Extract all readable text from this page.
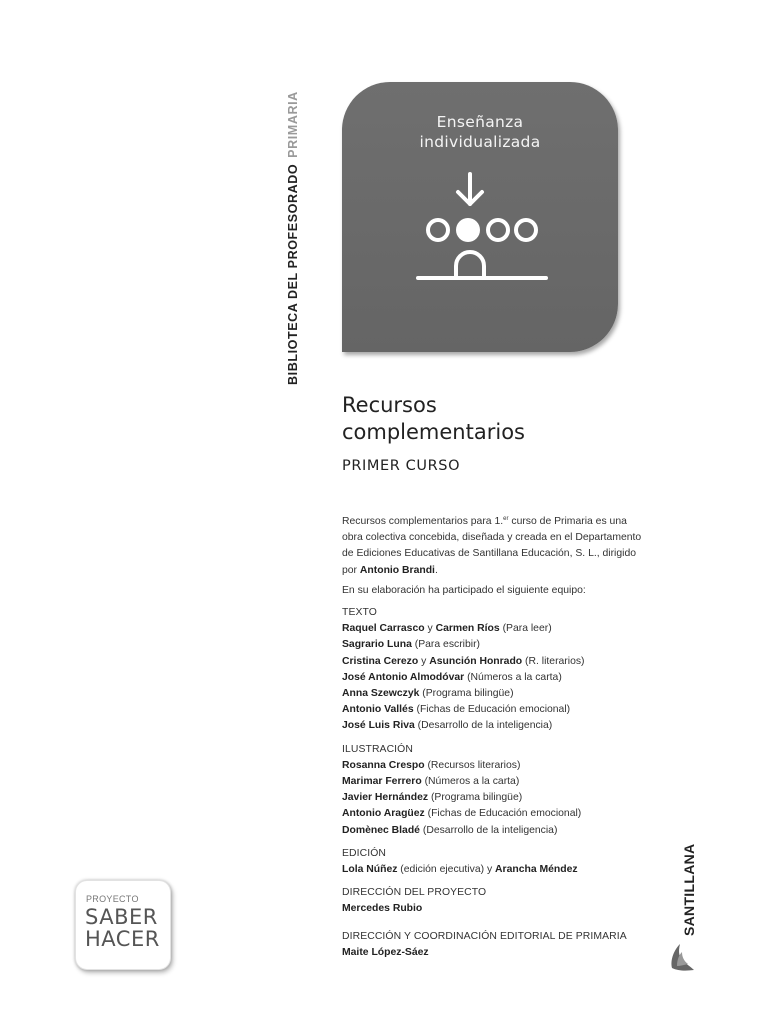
BIBLIOTECA DEL PROFESORADOPRIMARIA	Enseñanza
individualizada
Recursos
complementarios
PRIMER CURSO

Recursos complementarios para 1.$^{er}$ curso de Primaria es una obra colectiva concebida, diseñada y creada en el Departamento de Ediciones Educativas de Santillana Educación, S. L., dirigido por Antonio Brandi.

En su elaboración ha participado el siguiente equipo:

TEXTO

Raquel Carrasco y Carmen Ríos (Para leer)

Sagrario Luna (Para escribir)

Cristina Cerezo y Asunción Honrado (R. literarios)

José Antonio Almodóvar (Números a la carta)

Anna Szewczyk (Programa bilingüe)

Antonio Vallés (Fichas de Educación emocional)

José Luis Riva (Desarrollo de la inteligencia)

ILUSTRACIÓN

Rosanna Crespo (Recursos literarios)

Marimar Ferrero (Números a la carta)

Javier Hernández (Programa bilingüe)

Antonio Aragüez (Fichas de Educación emocional)

Domènec Bladé (Desarrollo de la inteligencia)

EDICIÓN

Lola Núñez (edición ejecutiva) y Arancha Méndez

DIRECCIÓN DEL PROYECTO

Mercedes Rubio

DIRECCIÓN Y COORDINACIÓN EDITORIAL DE PRIMARIA

Maite López-Sáez

PROYECTO
SABER
HACER
SANTILLANA
